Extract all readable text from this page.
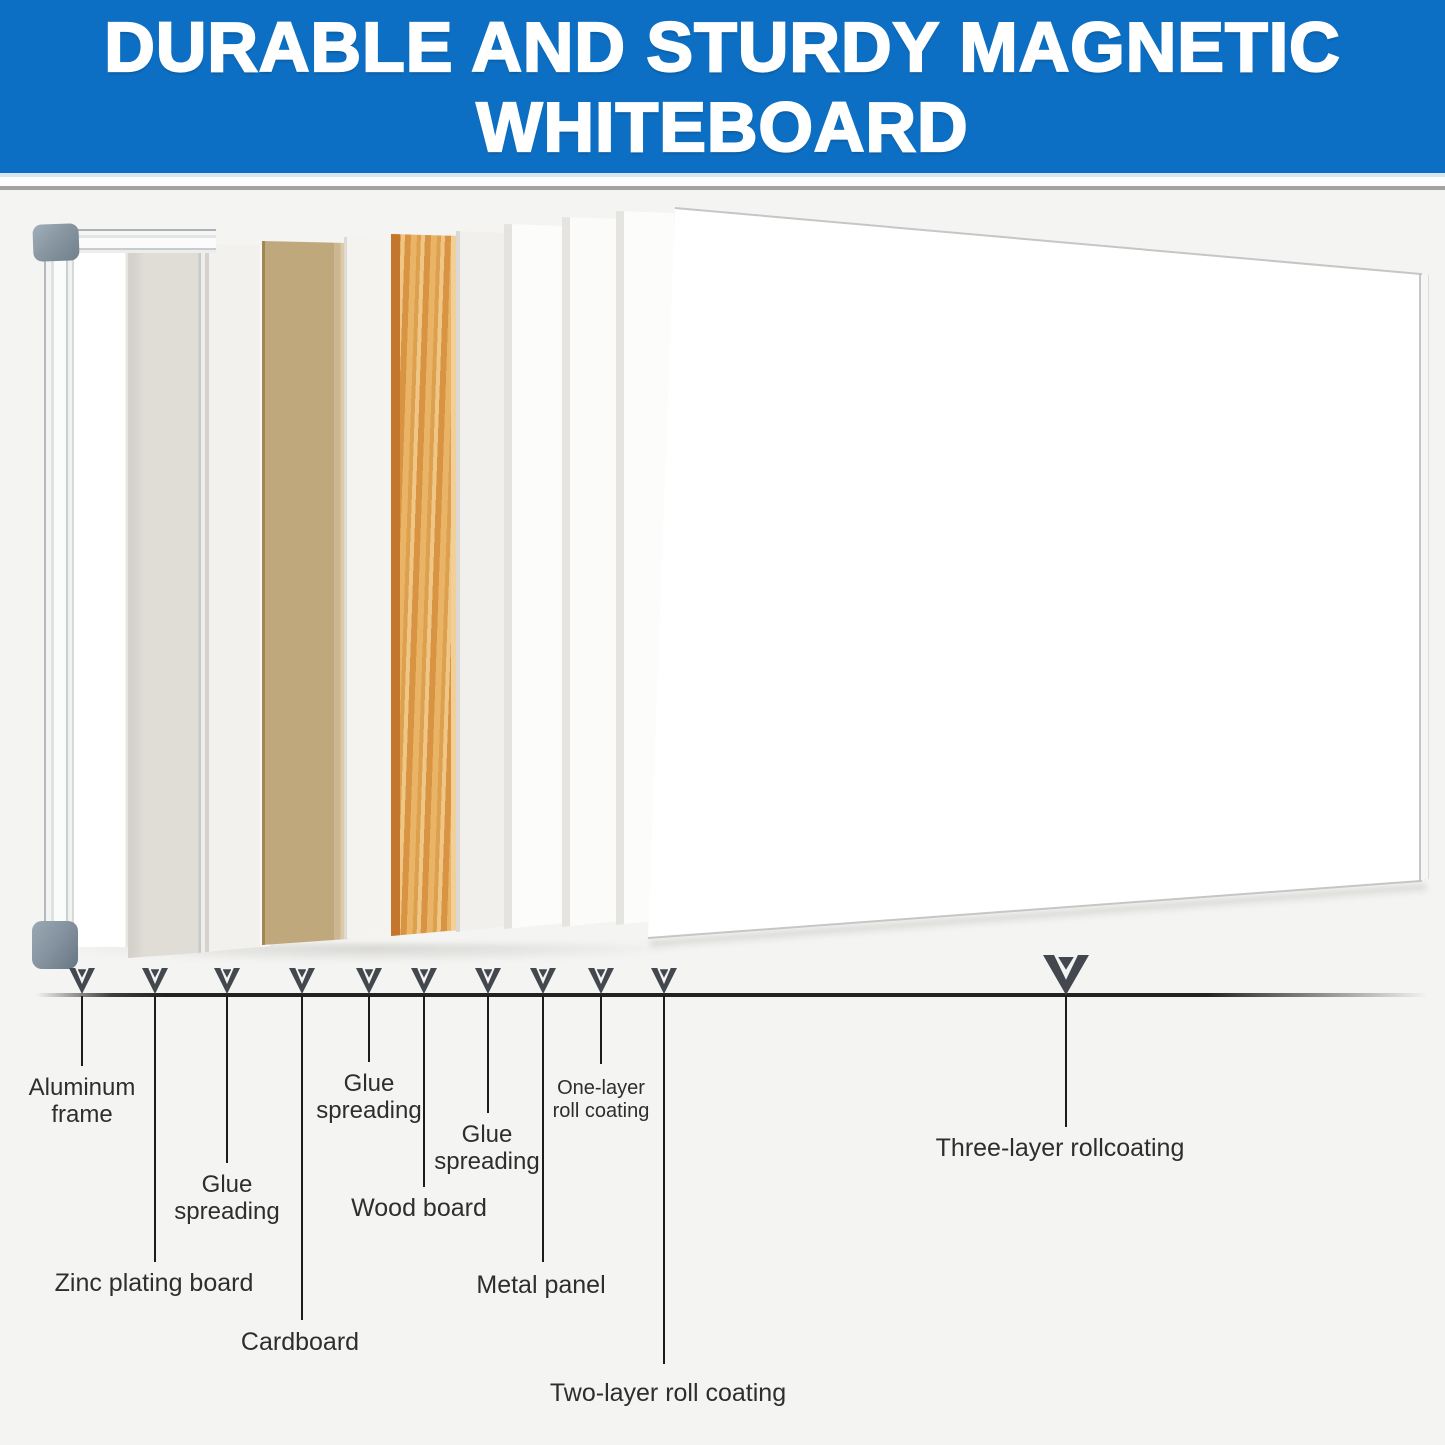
DURABLE AND STURDY MAGNETIC
WHITEBOARD
Aluminum
frame
Zinc plating board
Glue
spreading
Cardboard
Glue
spreading
Wood board
Glue
spreading
Metal panel
One-layer
roll coating
Two-layer roll coating
Three-layer rollcoating
